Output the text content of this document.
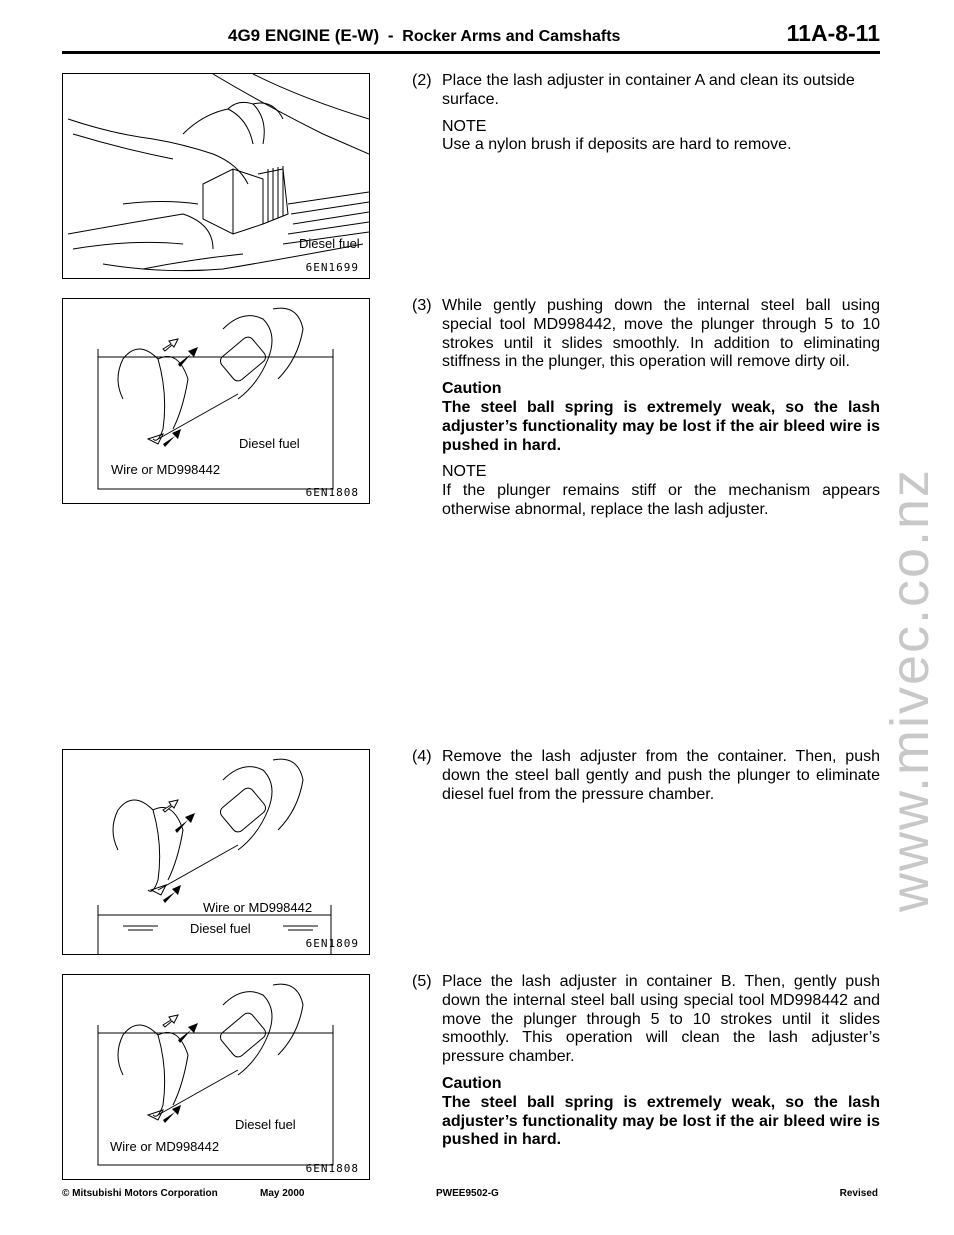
4G9 ENGINE (E-W) - Rocker Arms and Camshafts	11A-8-11
Diesel fuel
6EN1699
Diesel fuel
Wire or MD998442
6EN1808
Wire or MD998442
Diesel fuel
6EN1809
Diesel fuel
Wire or MD998442
6EN1808
(2) Place the lash adjuster in container A and clean its outside surface.
NOTE
Use a nylon brush if deposits are hard to remove.
(3) While gently pushing down the internal steel ball using special tool MD998442, move the plunger through 5 to 10 strokes until it slides smoothly. In addition to eliminating stiffness in the plunger, this operation will remove dirty oil.
Caution
The steel ball spring is extremely weak, so the lash adjuster’s functionality may be lost if the air bleed wire is pushed in hard.
NOTE
If the plunger remains stiff or the mechanism appears otherwise abnormal, replace the lash adjuster.
(4) Remove the lash adjuster from the container. Then, push down the steel ball gently and push the plunger to eliminate diesel fuel from the pressure chamber.
(5) Place the lash adjuster in container B. Then, gently push down the internal steel ball using special tool MD998442 and move the plunger through 5 to 10 strokes until it slides smoothly. This operation will clean the lash adjuster’s pressure chamber.
Caution
The steel ball spring is extremely weak, so the lash adjuster’s functionality may be lost if the air bleed wire is pushed in hard.
www.mivec.co.nz
© Mitsubishi Motors Corporation	May 2000	PWEE9502-G	Revised
